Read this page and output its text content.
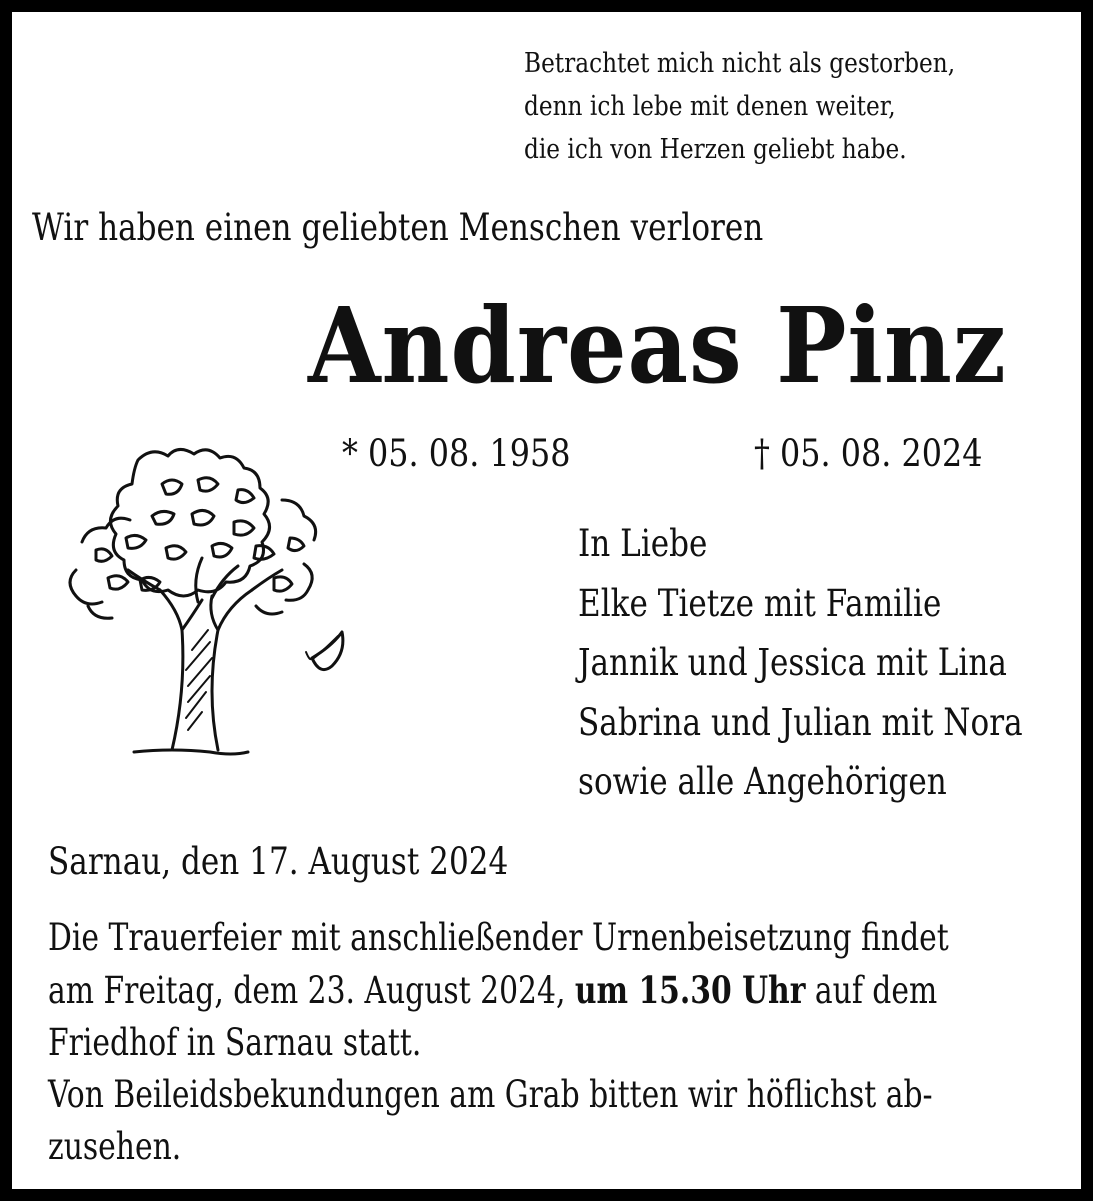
Betrachtet mich nicht als gestorben,
denn ich lebe mit denen weiter,
die ich von Herzen geliebt habe.
Wir haben einen geliebten Menschen verloren
Andreas Pinz
* 05. 08. 1958	† 05. 08. 2024
In Liebe
Elke Tietze mit Familie
Jannik und Jessica mit Lina
Sabrina und Julian mit Nora
sowie alle Angehörigen
Sarnau, den 17. August 2024
Die Trauerfeier mit anschließender Urnenbeisetzung findet
am Freitag, dem 23. August 2024, um 15.30 Uhr auf dem
Friedhof in Sarnau statt.
Von Beileidsbekundungen am Grab bitten wir höflichst ab-
zusehen.
